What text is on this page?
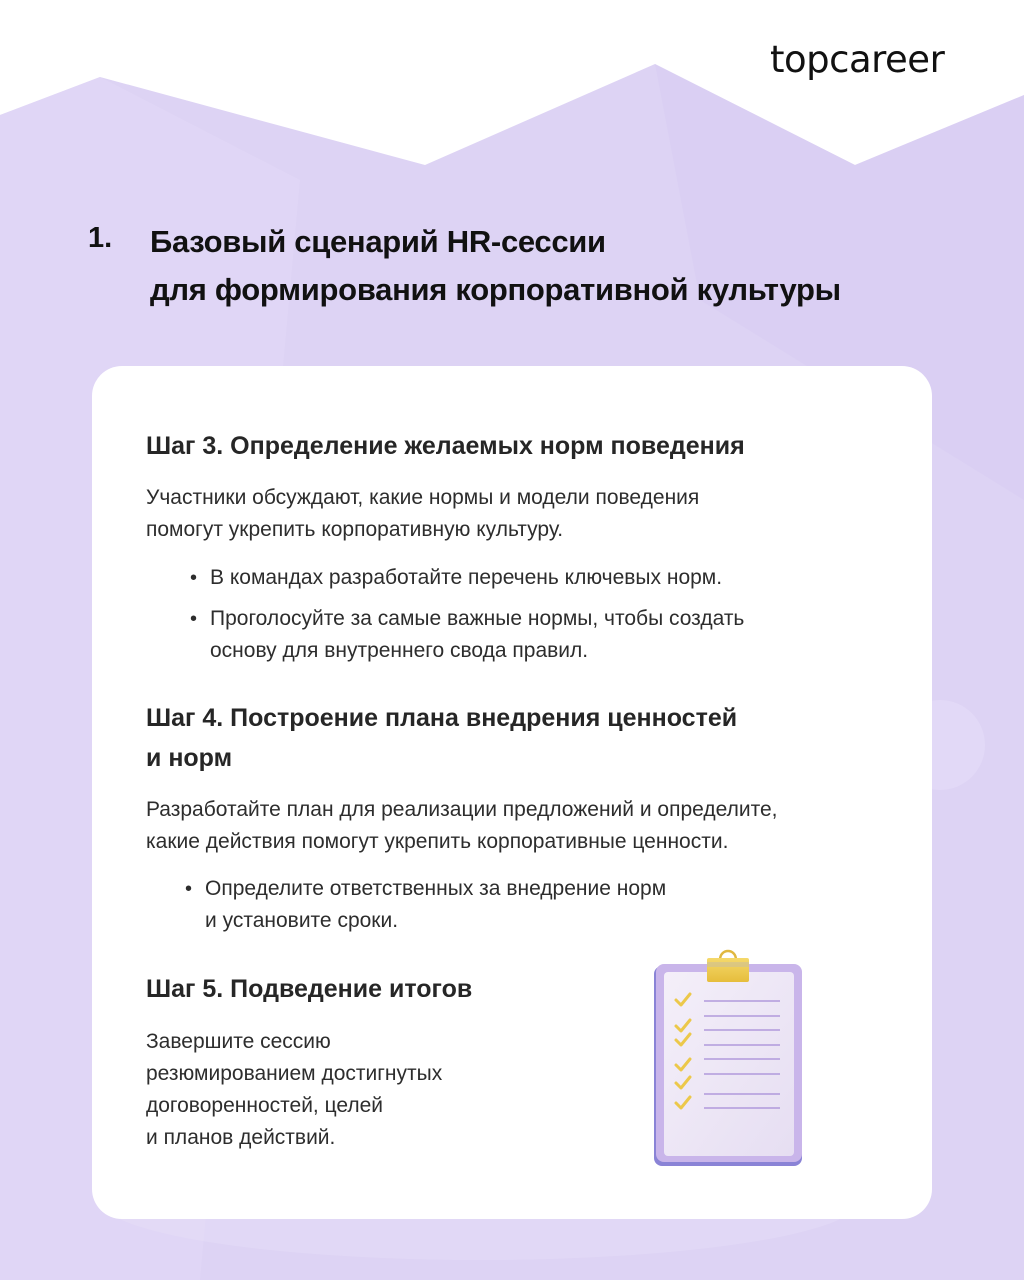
topcareer
1. Базовый сценарий HR-сессии
для формирования корпоративной культуры
Шаг 3. Определение желаемых норм поведения
Участники обсуждают, какие нормы и модели поведения
помогут укрепить корпоративную культуру.
• В командах разработайте перечень ключевых норм.
• Проголосуйте за самые важные нормы, чтобы создать
основу для внутреннего свода правил.
Шаг 4. Построение плана внедрения ценностей
и норм
Разработайте план для реализации предложений и определите,
какие действия помогут укрепить корпоративные ценности.
• Определите ответственных за внедрение норм
и установите сроки.
Шаг 5. Подведение итогов
Завершите сессию
резюмированием достигнутых
договоренностей, целей
и планов действий.
